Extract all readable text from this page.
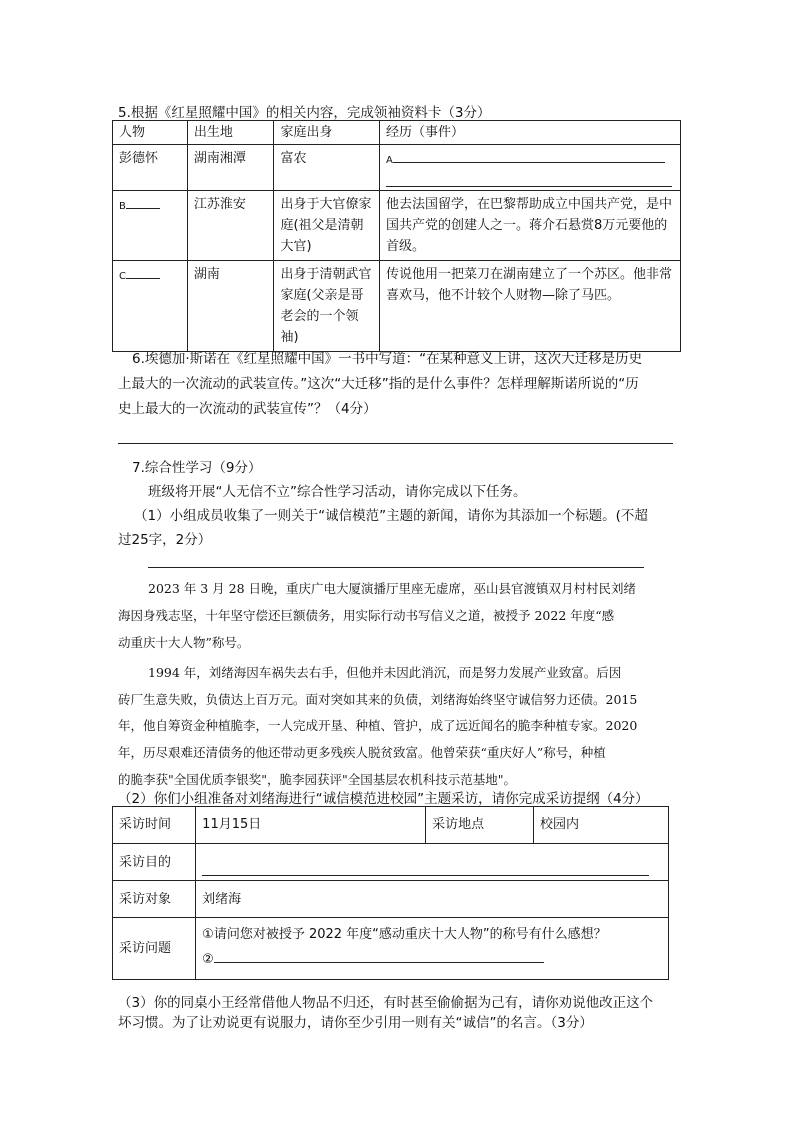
5.根据《红星照耀中国》的相关内容，完成领袖资料卡（3分）
人物	出生地	家庭出身	经历（事件）
彭德怀	湖南湘潭	富农	A

B	江苏淮安	出身于大官僚家庭(祖父是清朝大官)	他去法国留学，在巴黎帮助成立中国共产党，是中国共产党的创建人之一。蒋介石悬赏8万元要他的首级。
C	湖南	出身于清朝武官家庭(父亲是哥老会的一个领袖)	传说他用一把菜刀在湖南建立了一个苏区。他非常喜欢马，他不计较个人财物—除了马匹。
6.埃德加·斯诺在《红星照耀中国》一书中写道：“在某种意义上讲，这次大迁移是历史
上最大的一次流动的武装宣传。”这次“大迁移”指的是什么事件？怎样理解斯诺所说的“历
史上最大的一次流动的武装宣传”？（4分）
7.综合性学习（9分）
班级将开展“人无信不立”综合性学习活动，请你完成以下任务。
（1）小组成员收集了一则关于“诚信模范”主题的新闻，请你为其添加一个标题。(不超
过25字，2分）
2023 年 3 月 28 日晚，重庆广电大厦演播厅里座无虚席，巫山县官渡镇双月村村民刘绪
海因身残志坚，十年坚守偿还巨额债务，用实际行动书写信义之道，被授予 2022 年度“感
动重庆十大人物”称号。
1994 年，刘绪海因车祸失去右手，但他并未因此消沉，而是努力发展产业致富。后因
砖厂生意失败，负债达上百万元。面对突如其来的负债，刘绪海始终坚守诚信努力还债。2015
年，他自筹资金种植脆李，一人完成开垦、种植、管护，成了远近闻名的脆李种植专家。2020
年，历尽艰难还清债务的他还带动更多残疾人脱贫致富。他曾荣获“重庆好人”称号，种植
的脆李获"全国优质李银奖"，脆李园获评"全国基层农机科技示范基地"。
（2）你们小组准备对刘绪海进行“诚信模范进校园”主题采访，请你完成采访提纲（4分）
采访时间	11月15日	采访地点	校园内
采访目的			

采访对象	刘绪海		
采访问题	①请问您对被授予 2022 年度“感动重庆十大人物”的称号有什么感想？
②		
（3）你的同桌小王经常借他人物品不归还，有时甚至偷偷据为己有，请你劝说他改正这个
坏习惯。为了让劝说更有说服力，请你至少引用一则有关“诚信”的名言。（3分）
